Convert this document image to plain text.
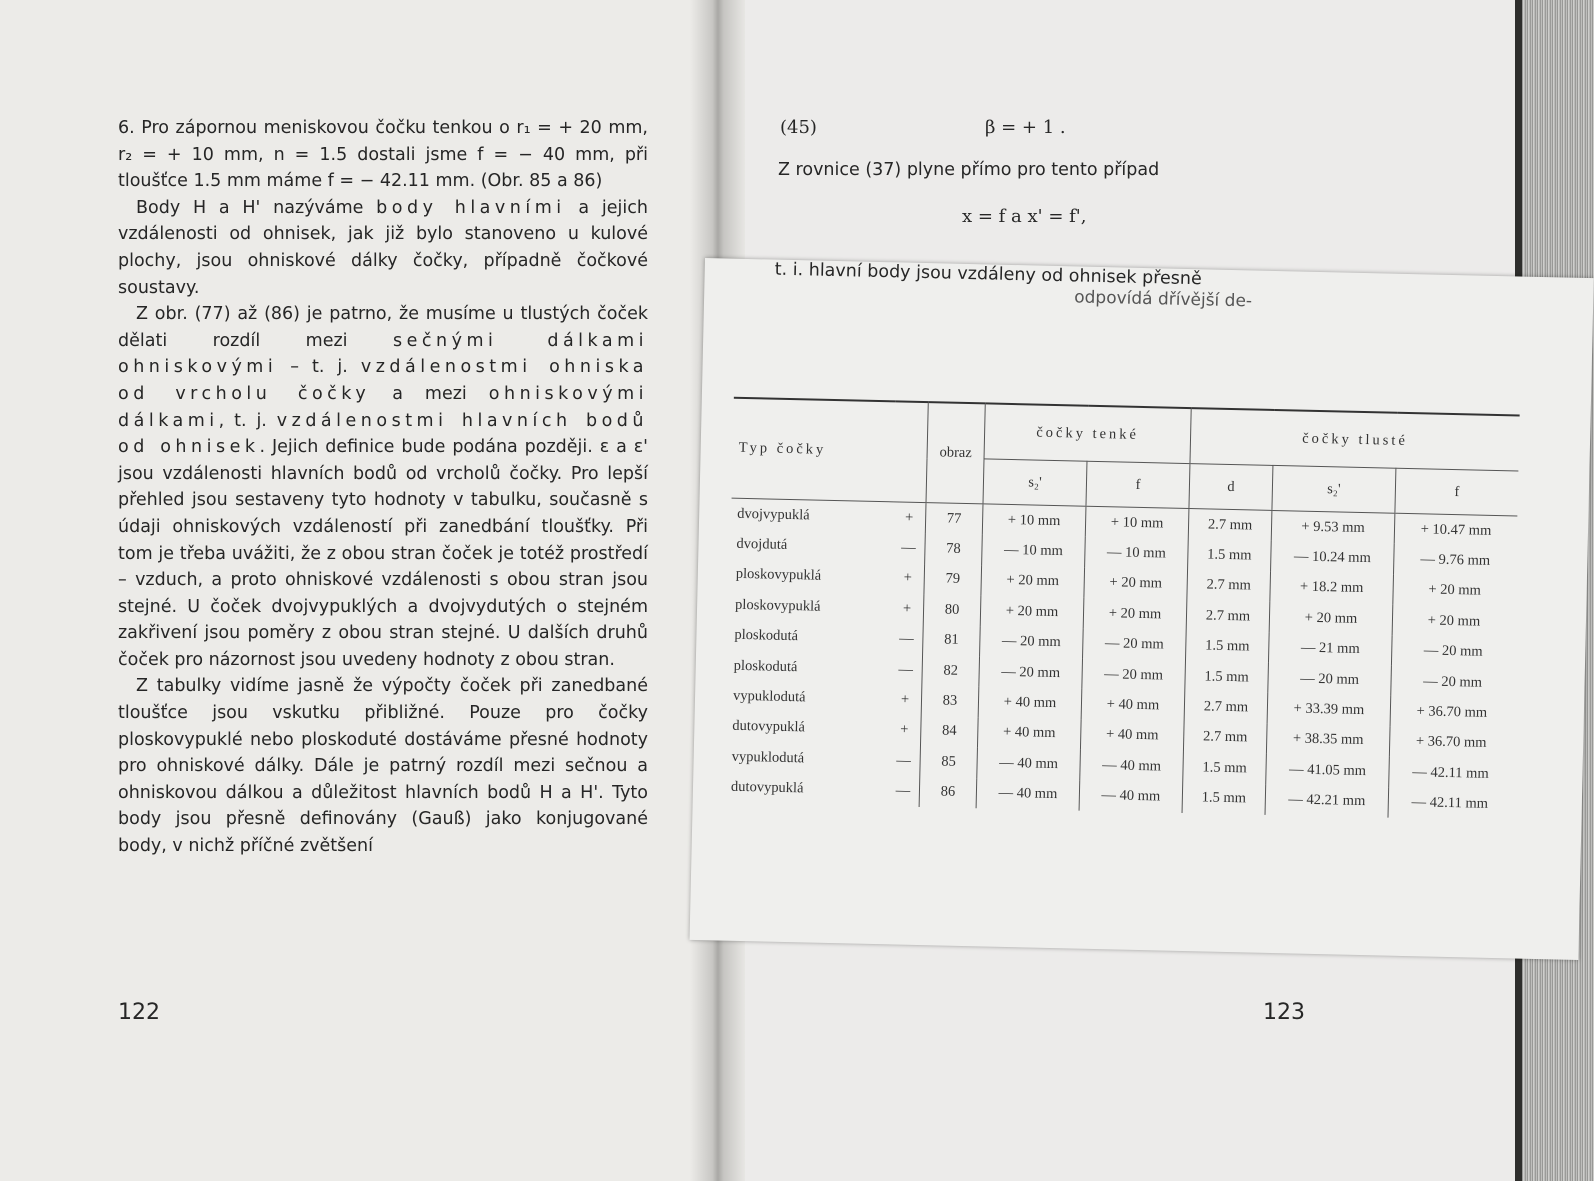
6. Pro zápornou meniskovou čočku tenkou o r₁ = + 20 mm, r₂ = + 10 mm, n = 1.5 dostali jsme f = − 40 mm, při tloušťce 1.5 mm máme f = − 42.11 mm. (Obr. 85 a 86)

Body H a H' nazýváme body hlavními a jejich vzdálenosti od ohnisek, jak již bylo stanoveno u kulové plochy, jsou ohniskové dálky čočky, případně čočkové soustavy.

Z obr. (77) až (86) je patrno, že musíme u tlustých čoček dělati rozdíl mezi sečnými dálkami ohniskovými – t. j. vzdálenostmi ohniska od vrcholu čočky a mezi ohniskovými dálkami, t. j. vzdálenostmi hlavních bodů od ohnisek. Jejich definice bude podána později. ε a ε' jsou vzdálenosti hlavních bodů od vrcholů čočky. Pro lepší přehled jsou sestaveny tyto hodnoty v tabulku, současně s údaji ohniskových vzdáleností při zanedbání tloušťky. Při tom je třeba uvážiti, že z obou stran čoček je totéž prostředí – vzduch, a proto ohniskové vzdálenosti s obou stran jsou stejné. U čoček dvojvypuklých a dvojvydutých o stejném zakřivení jsou poměry z obou stran stejné. U dalších druhů čoček pro názornost jsou uvedeny hodnoty z obou stran.

Z tabulky vidíme jasně že výpočty čoček při zanedbané tloušťce jsou vskutku přibližné. Pouze pro čočky ploskovypuklé nebo ploskoduté dostáváme přesné hodnoty pro ohniskové dálky. Dále je patrný rozdíl mezi sečnou a ohniskovou dálkou a důležitost hlavních bodů H a H'. Tyto body jsou přesně definovány (Gauß) jako konjugované body, v nichž příčné zvětšení

122
(45)	β = + 1 .
Z rovnice (37) plyne přímo pro tento případ
x = f a x' = f',
123
t. i. hlavní body jsou vzdáleny od ohnisek přesně
odpovídá dřívější de-
Typ čočky		obraz	čočky tenké		čočky tlusté		
			s₂'	f	d	s₂'	f
dvojvypuklá	+	77	+ 10 mm	+ 10 mm	2.7 mm	+ 9.53 mm	+ 10.47 mm
dvojdutá	—	78	— 10 mm	— 10 mm	1.5 mm	— 10.24 mm	— 9.76 mm
ploskovypuklá	+	79	+ 20 mm	+ 20 mm	2.7 mm	+ 18.2 mm	+ 20 mm
ploskovypuklá	+	80	+ 20 mm	+ 20 mm	2.7 mm	+ 20 mm	+ 20 mm
ploskodutá	—	81	— 20 mm	— 20 mm	1.5 mm	— 21 mm	— 20 mm
ploskodutá	—	82	— 20 mm	— 20 mm	1.5 mm	— 20 mm	— 20 mm
vypuklodutá	+	83	+ 40 mm	+ 40 mm	2.7 mm	+ 33.39 mm	+ 36.70 mm
dutovypuklá	+	84	+ 40 mm	+ 40 mm	2.7 mm	+ 38.35 mm	+ 36.70 mm
vypuklodutá	—	85	— 40 mm	— 40 mm	1.5 mm	— 41.05 mm	— 42.11 mm
dutovypuklá	—	86	— 40 mm	— 40 mm	1.5 mm	— 42.21 mm	— 42.11 mm
